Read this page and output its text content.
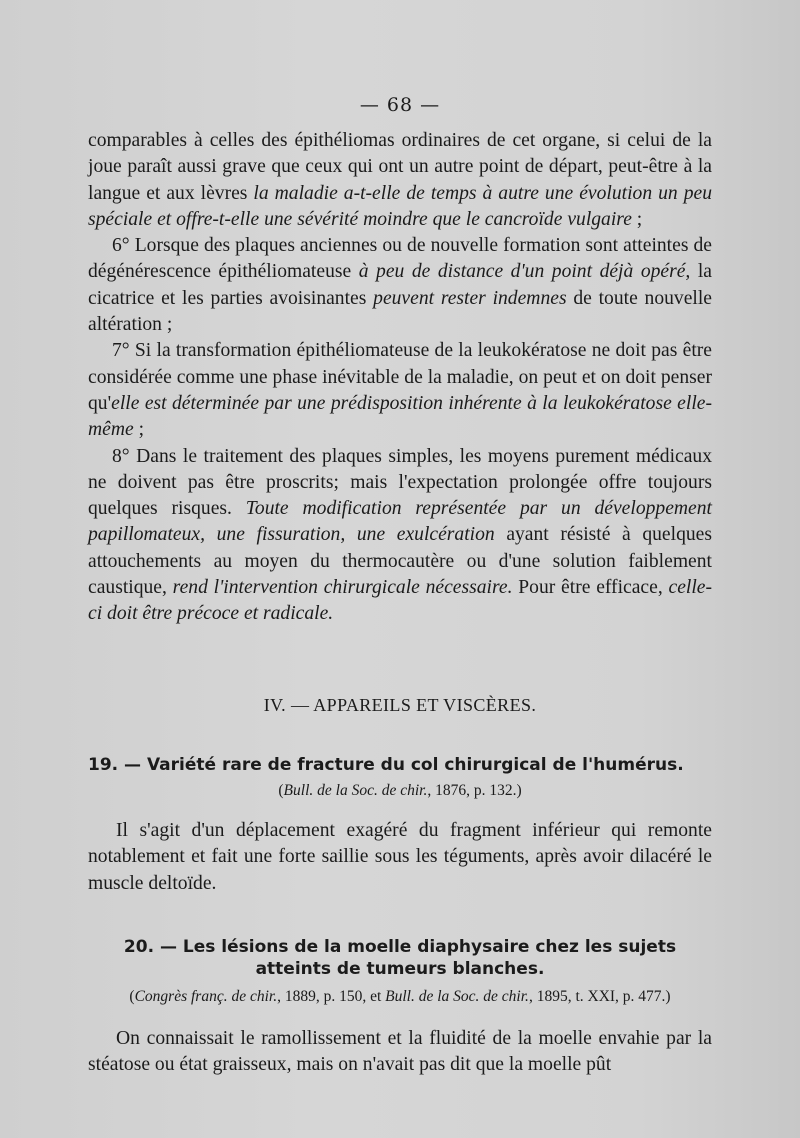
— 68 —

comparables à celles des épithéliomas ordinaires de cet organe, si celui de la joue paraît aussi grave que ceux qui ont un autre point de départ, peut-être à la langue et aux lèvres la maladie a-t-elle de temps à autre une évolution un peu spéciale et offre-t-elle une sévérité moindre que le cancroïde vulgaire ;

6° Lorsque des plaques anciennes ou de nouvelle formation sont atteintes de dégénérescence épithéliomateuse à peu de distance d'un point déjà opéré, la cicatrice et les parties avoisinantes peuvent rester indemnes de toute nouvelle altération ;

7° Si la transformation épithéliomateuse de la leukokératose ne doit pas être considérée comme une phase inévitable de la maladie, on peut et on doit penser qu'elle est déterminée par une prédisposition inhérente à la leukokératose elle-même ;

8° Dans le traitement des plaques simples, les moyens purement médicaux ne doivent pas être proscrits; mais l'expectation prolongée offre toujours quelques risques. Toute modification représentée par un développement papillomateux, une fissuration, une exulcération ayant résisté à quelques attouchements au moyen du thermocautère ou d'une solution faiblement caustique, rend l'intervention chirurgicale nécessaire. Pour être efficace, celle-ci doit être précoce et radicale.

IV. — APPAREILS ET VISCÈRES.
19. — Variété rare de fracture du col chirurgical de l'humérus.
(Bull. de la Soc. de chir., 1876, p. 132.)

Il s'agit d'un déplacement exagéré du fragment inférieur qui remonte notablement et fait une forte saillie sous les téguments, après avoir dilacéré le muscle deltoïde.

20. — Les lésions de la moelle diaphysaire chez les sujets
atteints de tumeurs blanches.
(Congrès franç. de chir., 1889, p. 150, et Bull. de la Soc. de chir., 1895, t. XXI, p. 477.)

On connaissait le ramollissement et la fluidité de la moelle envahie par la stéatose ou état graisseux, mais on n'avait pas dit que la moelle pût
